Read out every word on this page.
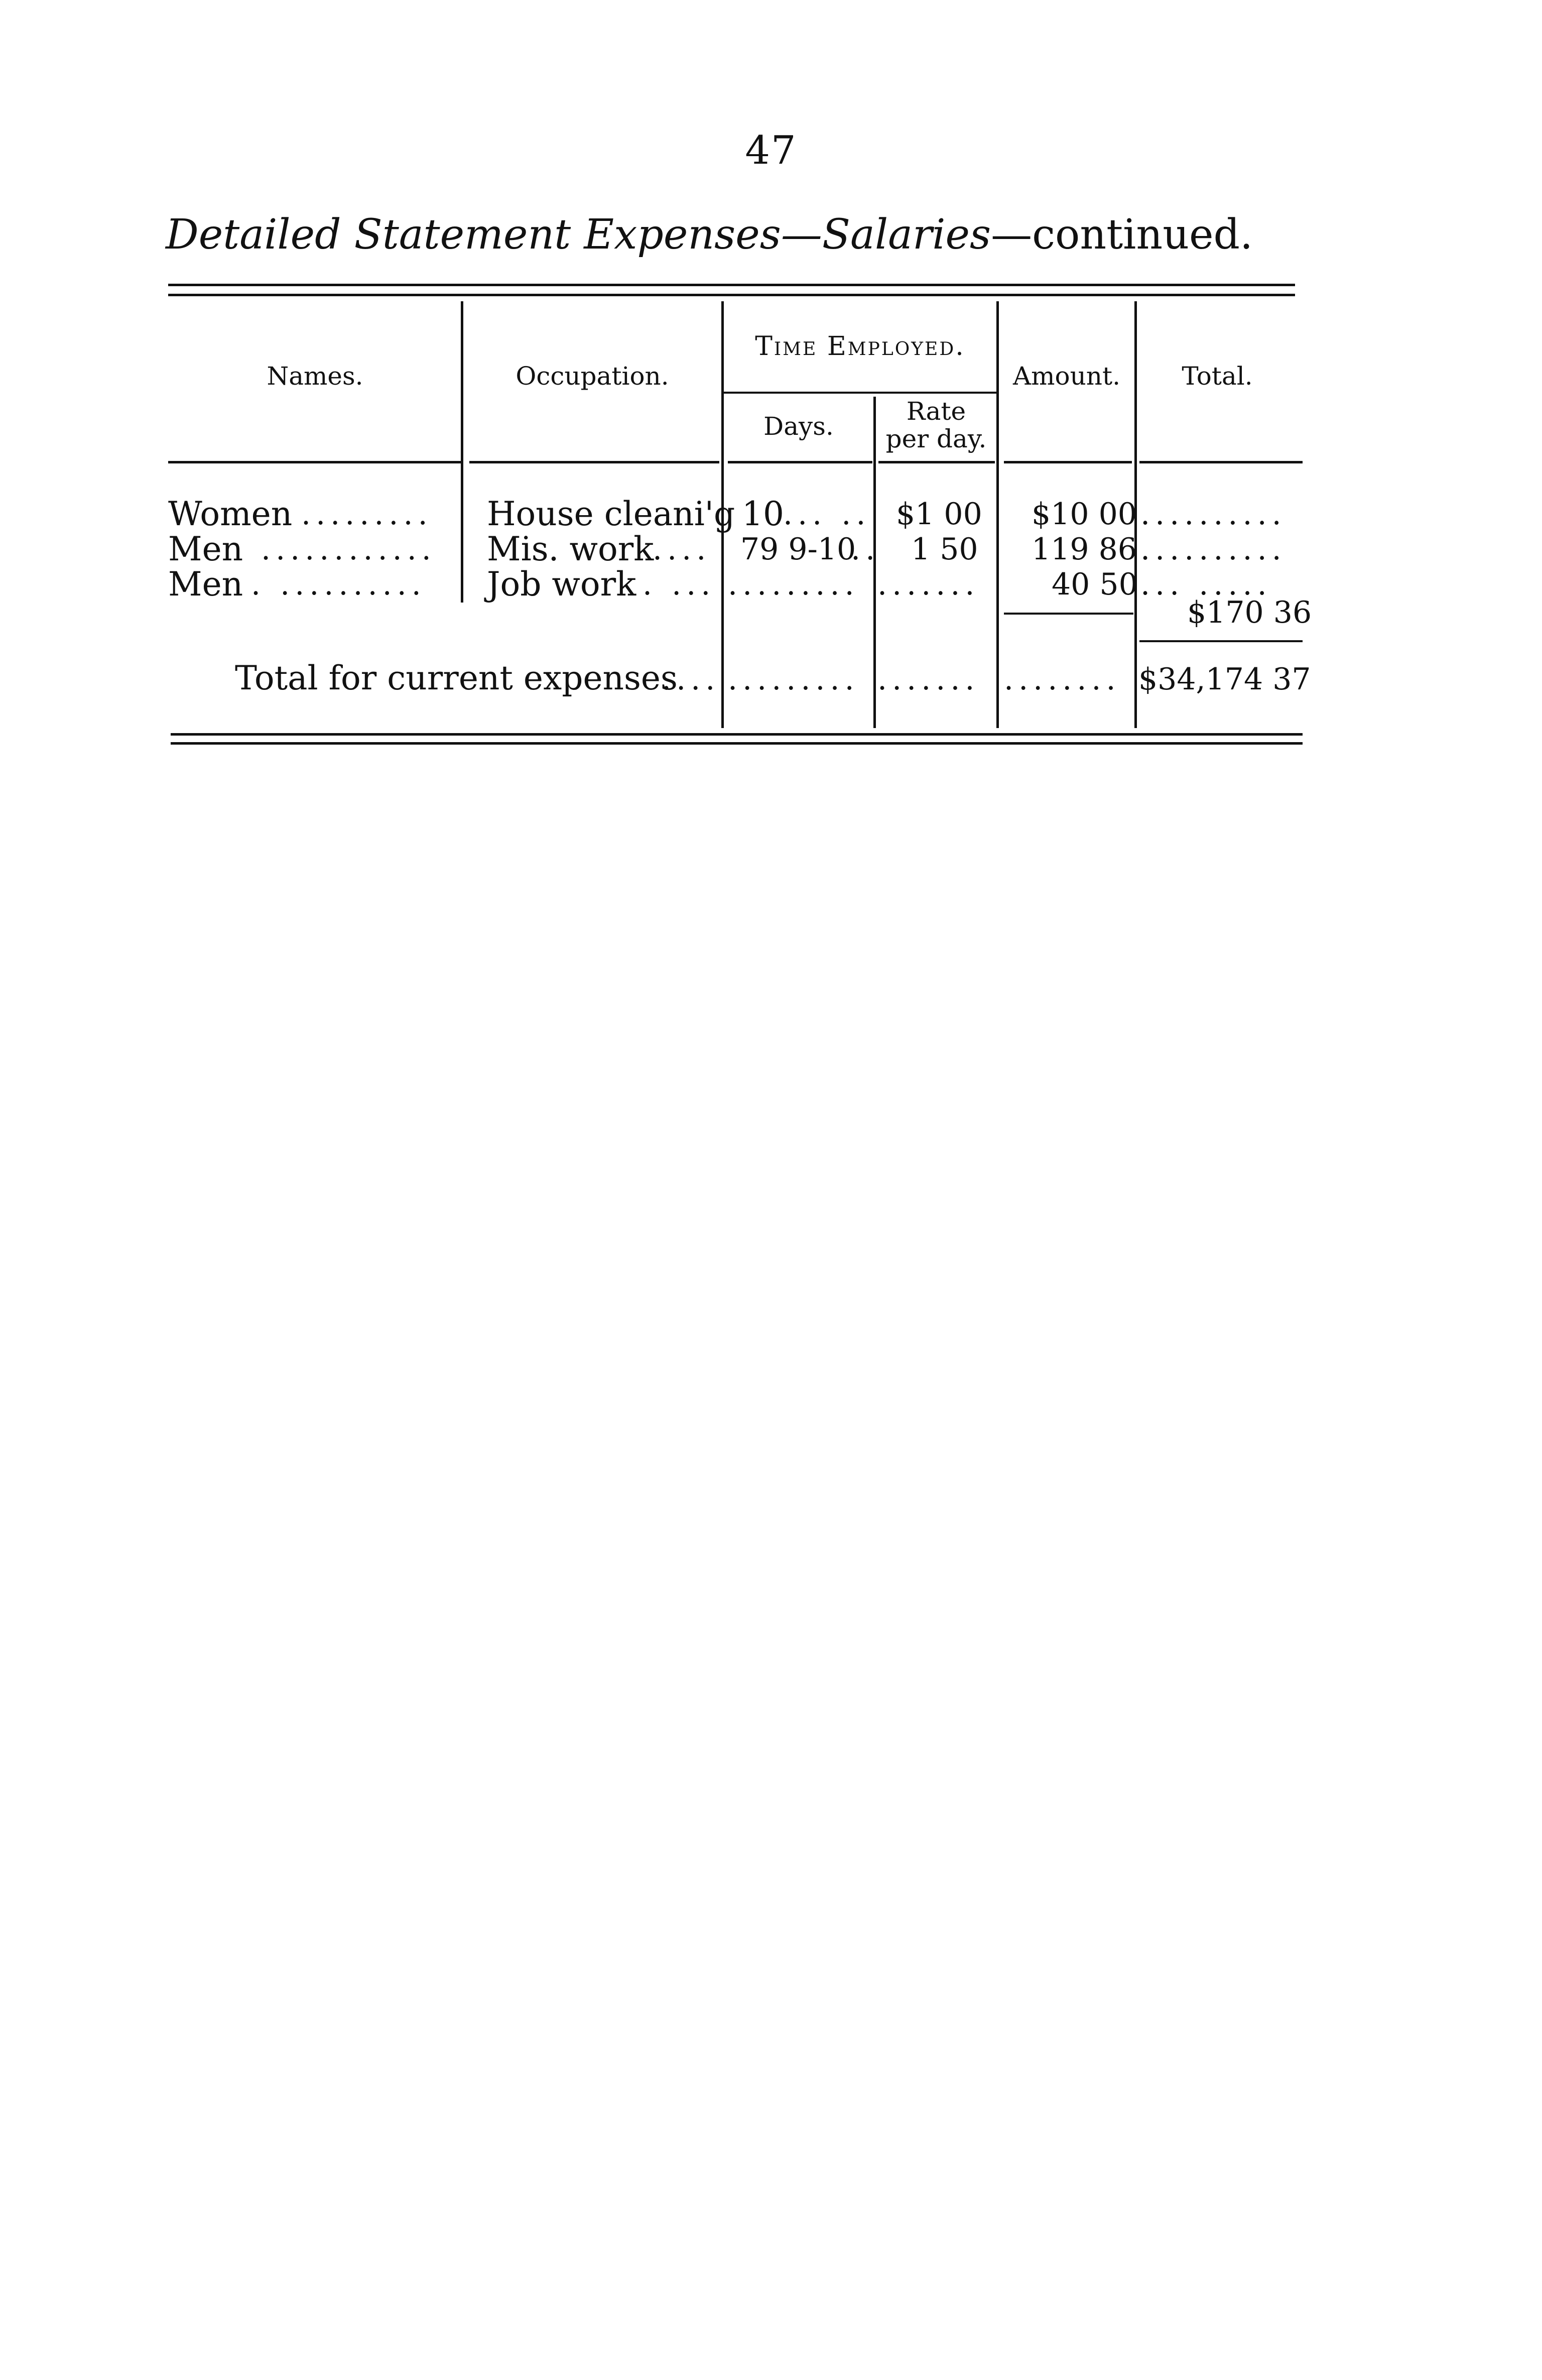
47
Detailed Statement Expenses—Salaries—continued.
Names.	Occupation.
Time Employed.
Days.
Rate
per day.
Amount.	Total.
Women ......... House cleani'g 10
... .. $1 00 $10 00 ..........
Men ............ Mis. work
.... 79 9-10
.. 1 50 119 86 ..........
Men . .......... Job work . ... ......... ....... 40 50 ... .....
$170 36
Total for current expenses
.... ......... ....... ........ $34,174 37
